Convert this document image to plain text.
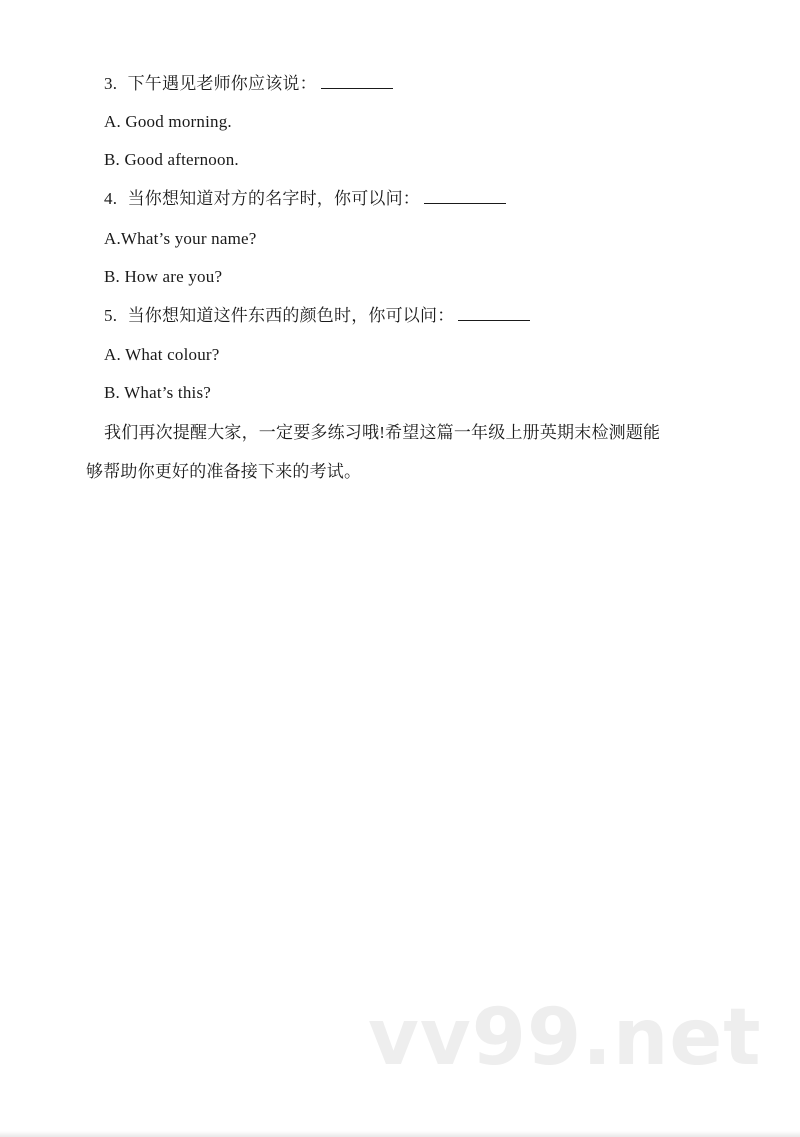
3. 下午遇见老师你应该说：
A. Good morning.
B. Good afternoon.
4. 当你想知道对方的名字时，你可以问：
A.What’s your name?
B. How are you?
5. 当你想知道这件东西的颜色时，你可以问：
A. What colour?
B. What’s this?
我们再次提醒大家，一定要多练习哦!希望这篇一年级上册英期末检测题能
够帮助你更好的准备接下来的考试。
vv99.net
